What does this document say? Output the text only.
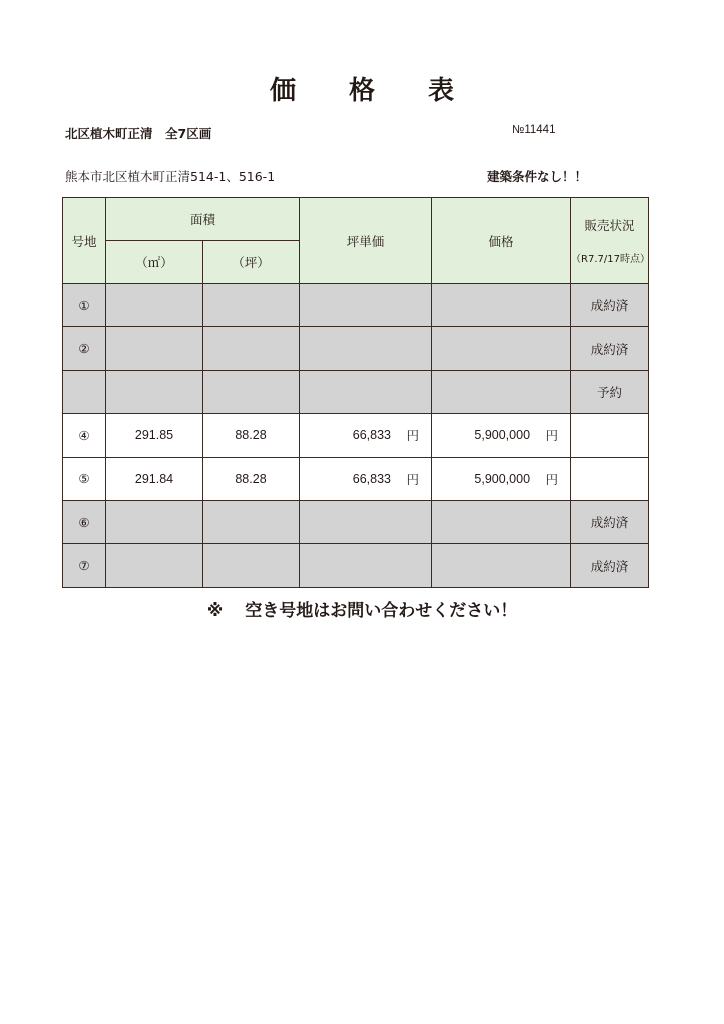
価 格 表
北区植木町正清　全7区画	№11441
熊本市北区植木町正清514-1、516-1	建築条件なし！！
号地	面積		坪単価	価格	販売状況
（R7.7/17時点）

	（㎡）	（坪）			
①					成約済
②					成約済
					予約
④	291.85	88.28	66,833 円	5,900,000 円	

⑤	291.84	88.28	66,833 円	5,900,000 円	

⑥					成約済
⑦					成約済
※ 空き号地はお問い合わせください！
